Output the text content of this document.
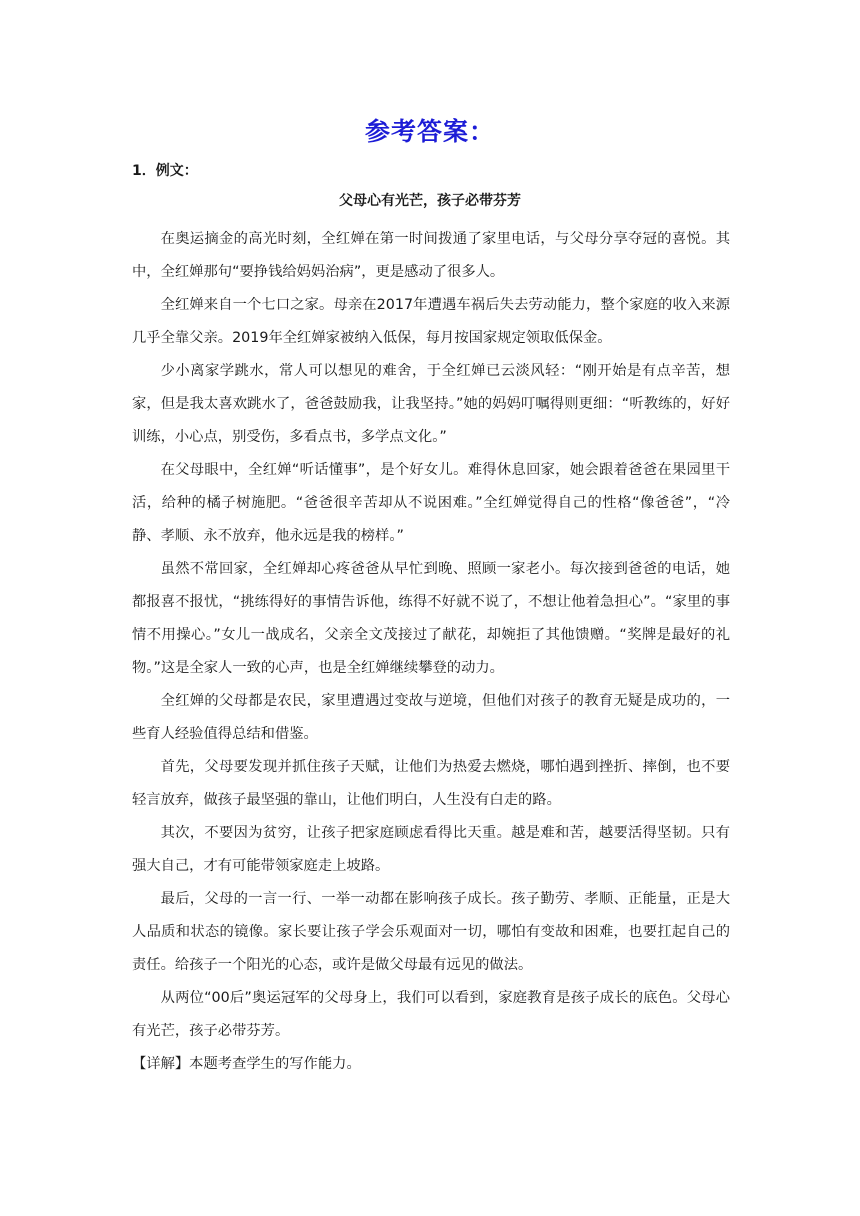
参考答案：
1．例文：
父母心有光芒，孩子必带芬芳

在奥运摘金的高光时刻，全红婵在第一时间拨通了家里电话，与父母分享夺冠的喜悦。其中，全红婵那句“要挣钱给妈妈治病”，更是感动了很多人。

全红婵来自一个七口之家。母亲在2017年遭遇车祸后失去劳动能力，整个家庭的收入来源几乎全靠父亲。2019年全红婵家被纳入低保，每月按国家规定领取低保金。

少小离家学跳水，常人可以想见的难舍，于全红婵已云淡风轻：“刚开始是有点辛苦，想家，但是我太喜欢跳水了，爸爸鼓励我，让我坚持。”她的妈妈叮嘱得则更细：“听教练的，好好训练，小心点，别受伤，多看点书，多学点文化。”

在父母眼中，全红婵“听话懂事”，是个好女儿。难得休息回家，她会跟着爸爸在果园里干活，给种的橘子树施肥。“爸爸很辛苦却从不说困难。”全红婵觉得自己的性格“像爸爸”，“冷静、孝顺、永不放弃，他永远是我的榜样。”

虽然不常回家，全红婵却心疼爸爸从早忙到晚、照顾一家老小。每次接到爸爸的电话，她都报喜不报忧，“挑练得好的事情告诉他，练得不好就不说了，不想让他着急担心”。“家里的事情不用操心。”女儿一战成名，父亲全文茂接过了献花，却婉拒了其他馈赠。“奖牌是最好的礼物。”这是全家人一致的心声，也是全红婵继续攀登的动力。

全红婵的父母都是农民，家里遭遇过变故与逆境，但他们对孩子的教育无疑是成功的，一些育人经验值得总结和借鉴。

首先，父母要发现并抓住孩子天赋，让他们为热爱去燃烧，哪怕遇到挫折、摔倒，也不要轻言放弃，做孩子最坚强的靠山，让他们明白，人生没有白走的路。

其次，不要因为贫穷，让孩子把家庭顾虑看得比天重。越是难和苦，越要活得坚韧。只有强大自己，才有可能带领家庭走上坡路。

最后，父母的一言一行、一举一动都在影响孩子成长。孩子勤劳、孝顺、正能量，正是大人品质和状态的镜像。家长要让孩子学会乐观面对一切，哪怕有变故和困难，也要扛起自己的责任。给孩子一个阳光的心态，或许是做父母最有远见的做法。

从两位“00后”奥运冠军的父母身上，我们可以看到，家庭教育是孩子成长的底色。父母心有光芒，孩子必带芬芳。

【详解】本题考查学生的写作能力。
